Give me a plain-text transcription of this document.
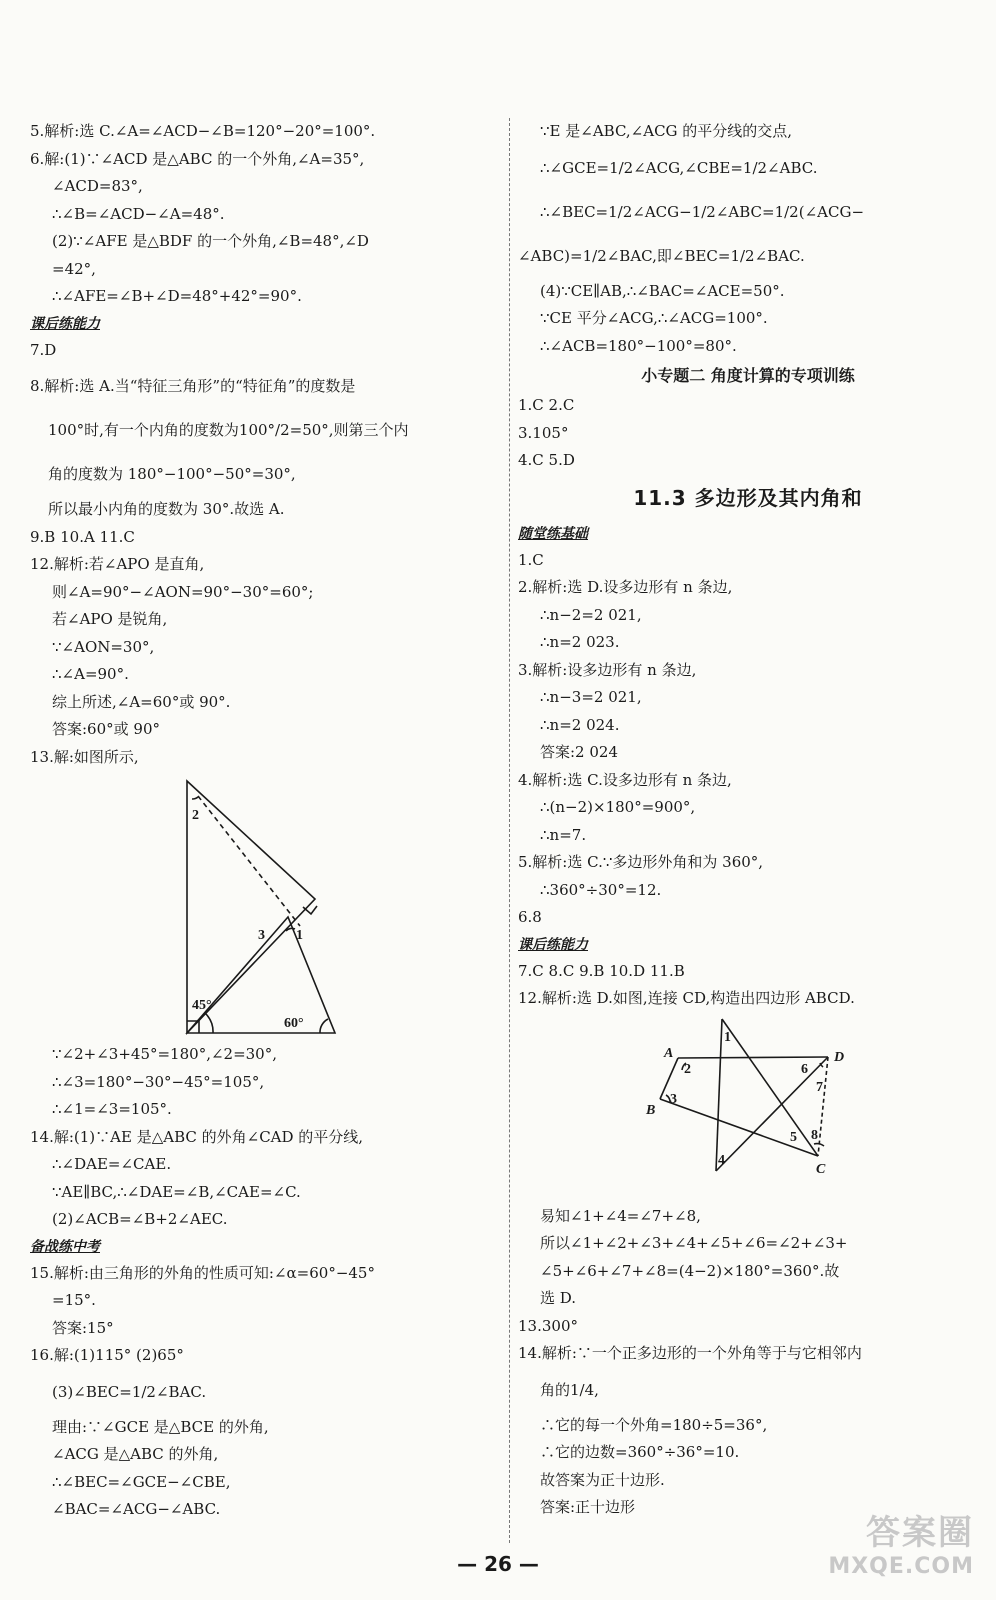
5.解析:选 C.∠A=∠ACD−∠B=120°−20°=100°.
6.解:(1)∵∠ACD 是△ABC 的一个外角,∠A=35°,
∠ACD=83°,
∴∠B=∠ACD−∠A=48°.
(2)∵∠AFE 是△BDF 的一个外角,∠B=48°,∠D
=42°,
∴∠AFE=∠B+∠D=48°+42°=90°.
课后练能力
7.D
8.解析:选 A.当“特征三角形”的“特征角”的度数是
100°时,有一个内角的度数为100°/2=50°,则第三个内
角的度数为 180°−100°−50°=30°,
所以最小内角的度数为 30°.故选 A.
9.B 10.A 11.C
12.解析:若∠APO 是直角,
则∠A=90°−∠AON=90°−30°=60°;
若∠APO 是锐角,
∵∠AON=30°,
∴∠A=90°.
综上所述,∠A=60°或 90°.
答案:60°或 90°
13.解:如图所示,
2
3 1
45°
60°
∵∠2+∠3+45°=180°,∠2=30°,
∴∠3=180°−30°−45°=105°,
∴∠1=∠3=105°.
14.解:(1)∵AE 是△ABC 的外角∠CAD 的平分线,
∴∠DAE=∠CAE.
∵AE∥BC,∴∠DAE=∠B,∠CAE=∠C.
(2)∠ACB=∠B+2∠AEC.
备战练中考
15.解析:由三角形的外角的性质可知:∠α=60°−45°
=15°.
答案:15°
16.解:(1)115° (2)65°
(3)∠BEC=1/2∠BAC.
理由:∵∠GCE 是△BCE 的外角,
∠ACG 是△ABC 的外角,
∴∠BEC=∠GCE−∠CBE,
∠BAC=∠ACG−∠ABC.
∵E 是∠ABC,∠ACG 的平分线的交点,
∴∠GCE=1/2∠ACG,∠CBE=1/2∠ABC.
∴∠BEC=1/2∠ACG−1/2∠ABC=1/2(∠ACG−
∠ABC)=1/2∠BAC,即∠BEC=1/2∠BAC.
(4)∵CE∥AB,∴∠BAC=∠ACE=50°.
∵CE 平分∠ACG,∴∠ACG=100°.
∴∠ACB=180°−100°=80°.
小专题二 角度计算的专项训练
1.C 2.C
3.105°
4.C 5.D
11.3 多边形及其内角和
随堂练基础
1.C
2.解析:选 D.设多边形有 n 条边,
∴n−2=2 021,
∴n=2 023.
3.解析:设多边形有 n 条边,
∴n−3=2 021,
∴n=2 024.
答案:2 024
4.解析:选 C.设多边形有 n 条边,
∴(n−2)×180°=900°,
∴n=7.
5.解析:选 C.∵多边形外角和为 360°,
∴360°÷30°=12.
6.8
课后练能力
7.C 8.C 9.B 10.D 11.B
12.解析:选 D.如图,连接 CD,构造出四边形 ABCD.
A
B
C
D
1
2
3
4
5
6
7
8
易知∠1+∠4=∠7+∠8,
所以∠1+∠2+∠3+∠4+∠5+∠6=∠2+∠3+
∠5+∠6+∠7+∠8=(4−2)×180°=360°.故
选 D.
13.300°
14.解析:∵一个正多边形的一个外角等于与它相邻内
角的1/4,
∴它的每一个外角=180÷5=36°,
∴它的边数=360°÷36°=10.
故答案为正十边形.
答案:正十边形
— 26 —
答案圈
MXQE.COM
